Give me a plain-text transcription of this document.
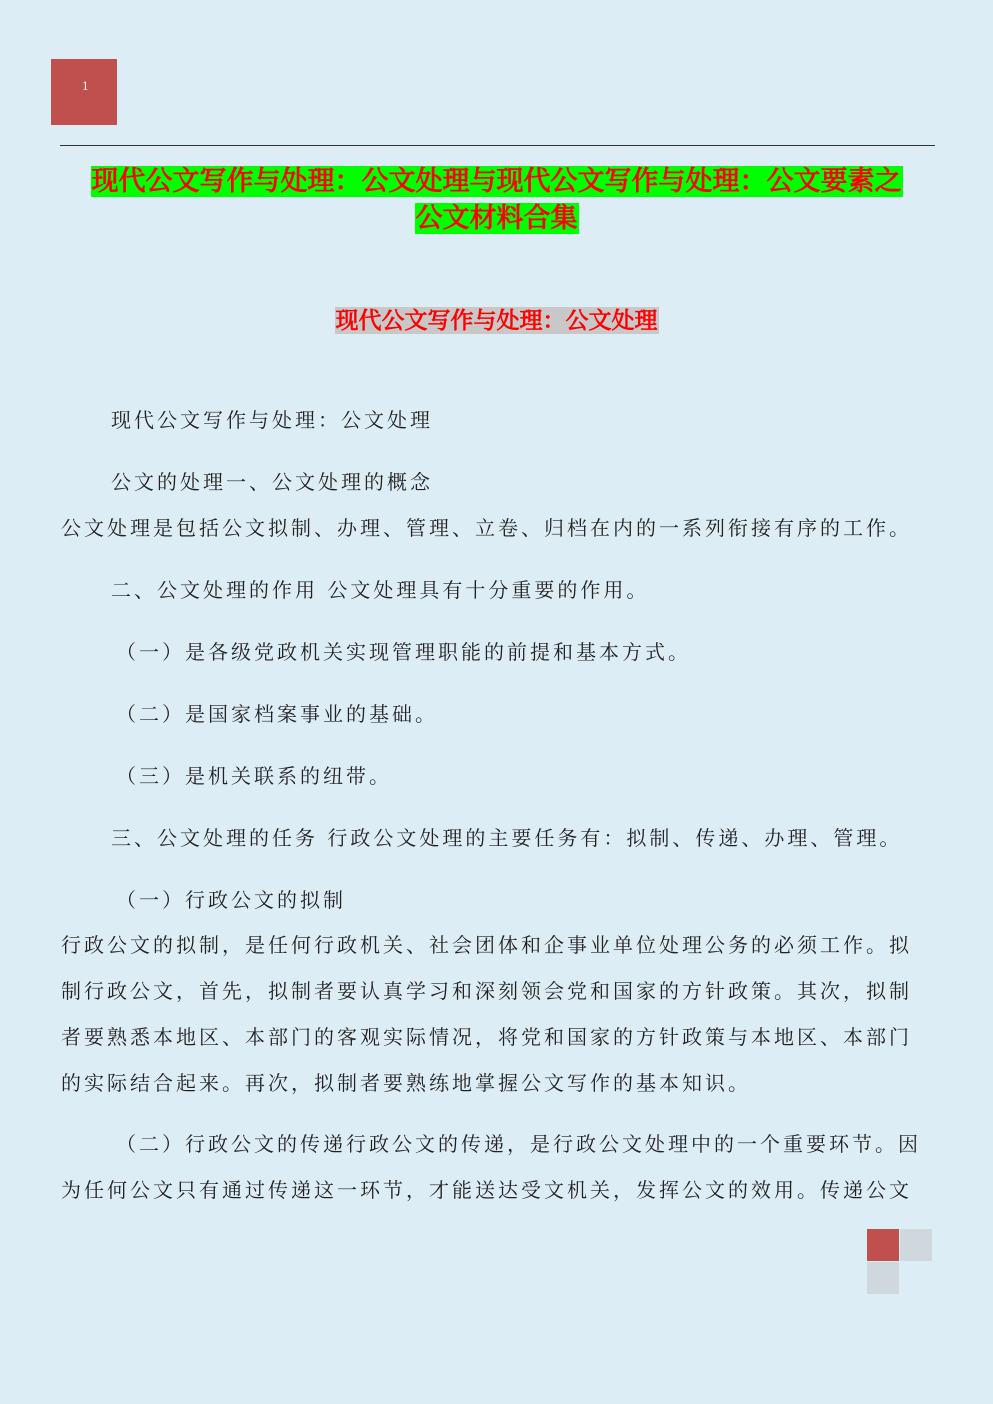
1
现代公文写作与处理：公文处理与现代公文写作与处理：公文要素之
公文材料合集
现代公文写作与处理：公文处理
现代公文写作与处理：公文处理
公文的处理一、公文处理的概念
公文处理是包括公文拟制、办理、管理、立卷、归档在内的一系列衔接有序的工作。
二、公文处理的作用 公文处理具有十分重要的作用。
（一）是各级党政机关实现管理职能的前提和基本方式。
（二）是国家档案事业的基础。
（三）是机关联系的纽带。
三、公文处理的任务 行政公文处理的主要任务有：拟制、传递、办理、管理。
（一）行政公文的拟制
行政公文的拟制，是任何行政机关、社会团体和企事业单位处理公务的必须工作。拟
制行政公文，首先，拟制者要认真学习和深刻领会党和国家的方针政策。其次，拟制
者要熟悉本地区、本部门的客观实际情况，将党和国家的方针政策与本地区、本部门
的实际结合起来。再次，拟制者要熟练地掌握公文写作的基本知识。
（二）行政公文的传递行政公文的传递，是行政公文处理中的一个重要环节。因
为任何公文只有通过传递这一环节，才能送达受文机关，发挥公文的效用。传递公文
